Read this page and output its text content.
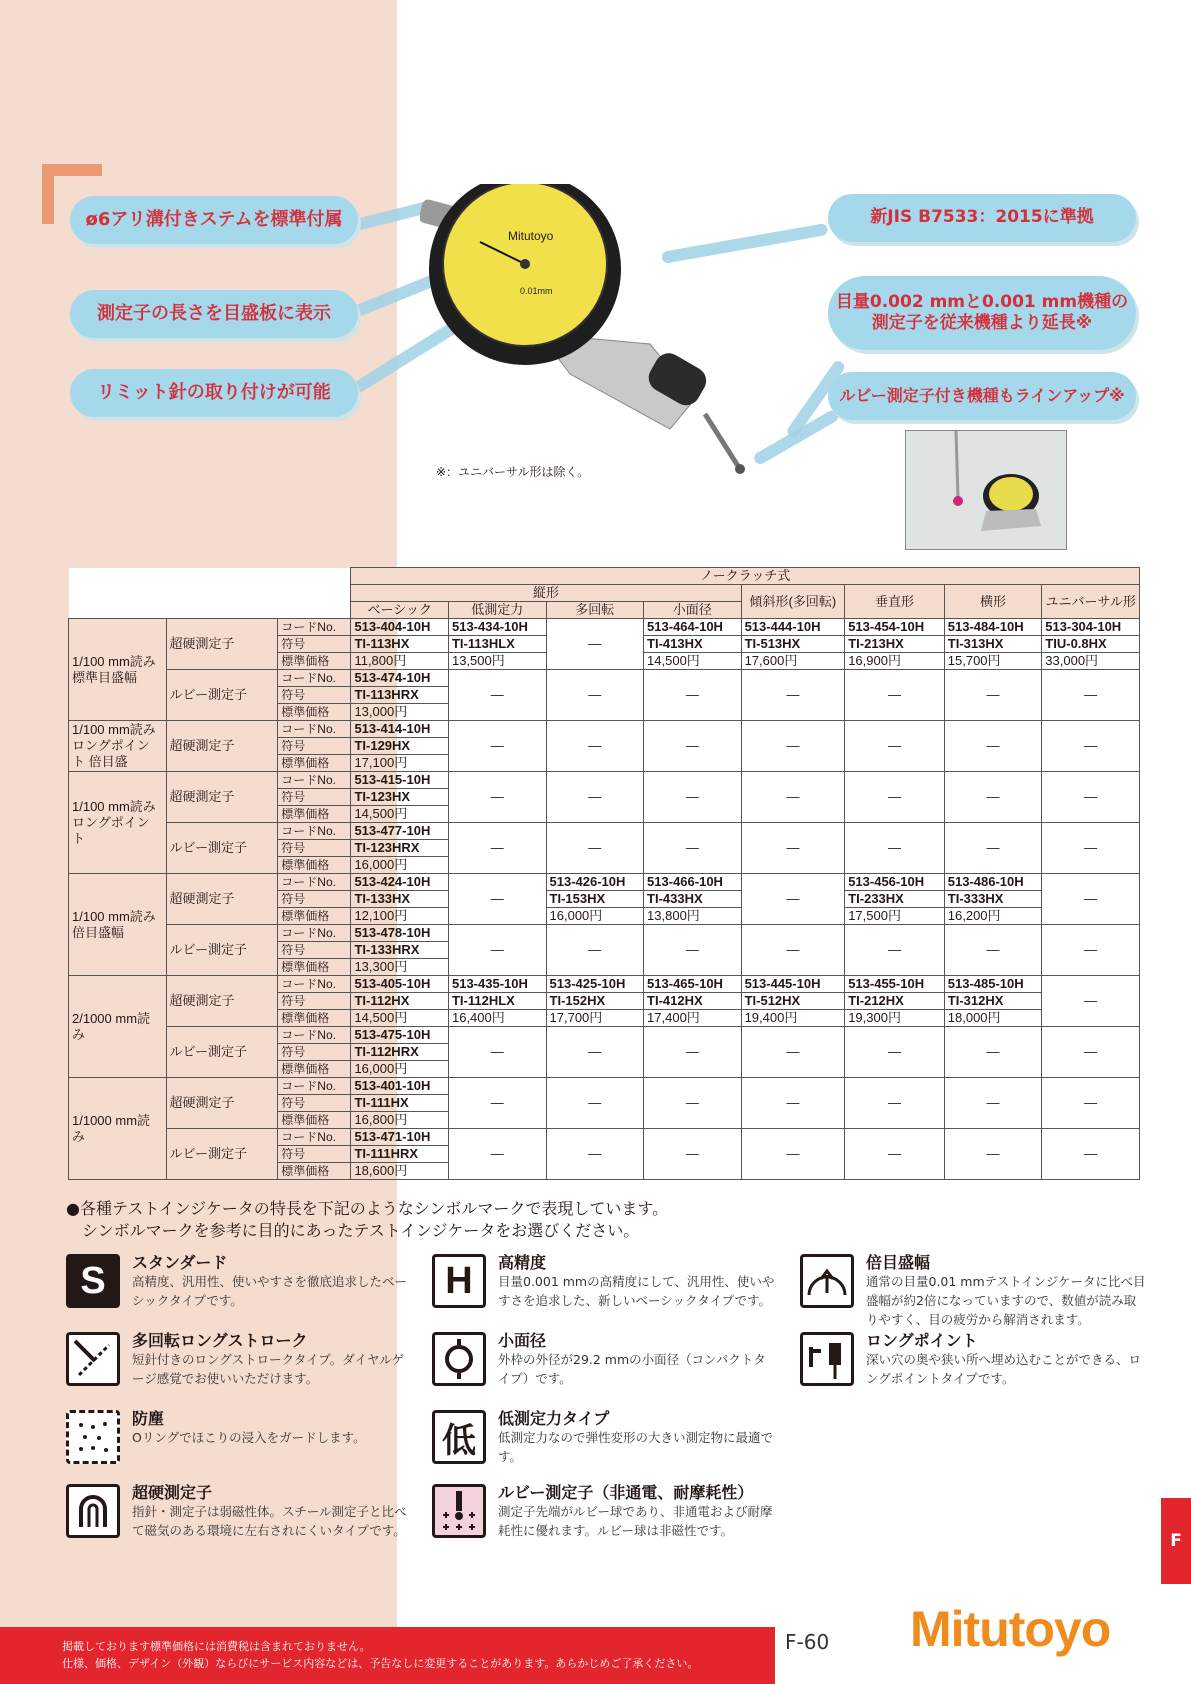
ø6アリ溝付きステムを標準付属
測定子の長さを目盛板に表示
リミット針の取り付けが可能
新JIS B7533：2015に準拠
目量0.002 mmと0.001 mm機種の
測定子を従来機種より延長※
ルビー測定子付き機種もラインアップ※
Mitutoyo
0.01mm
※：ユニバーサル形は除く。
			ノークラッチ式							
			縦形				傾斜形(多回転)	垂直形	横形	ユニバーサル形
			ベーシック	低測定力	多回転	小面径				
1/100 mm読み 標準目盛幅	超硬測定子	コードNo.	513-404-10H	513-434-10H	—	513-464-10H	513-444-10H	513-454-10H	513-484-10H	513-304-10H
		符号	TI-113HX	TI-113HLX		TI-413HX	TI-513HX	TI-213HX	TI-313HX	TIU-0.8HX
		標準価格	11,800円	13,500円		14,500円	17,600円	16,900円	15,700円	33,000円
	ルビー測定子	コードNo.	513-474-10H	—	—	—	—	—	—	—
		符号	TI-113HRX							
		標準価格	13,000円							
1/100 mm読み ロングポイント 倍目盛	超硬測定子	コードNo.	513-414-10H	—	—	—	—	—	—	—
		符号	TI-129HX							
		標準価格	17,100円							
1/100 mm読み ロングポイント	超硬測定子	コードNo.	513-415-10H	—	—	—	—	—	—	—
		符号	TI-123HX							
		標準価格	14,500円							
	ルビー測定子	コードNo.	513-477-10H	—	—	—	—	—	—	—
		符号	TI-123HRX							
		標準価格	16,000円							
1/100 mm読み 倍目盛幅	超硬測定子	コードNo.	513-424-10H	—	513-426-10H	513-466-10H	—	513-456-10H	513-486-10H	—
		符号	TI-133HX		TI-153HX	TI-433HX		TI-233HX	TI-333HX	
		標準価格	12,100円		16,000円	13,800円		17,500円	16,200円	
	ルビー測定子	コードNo.	513-478-10H	—	—	—	—	—	—	—
		符号	TI-133HRX							
		標準価格	13,300円							
2/1000 mm読み	超硬測定子	コードNo.	513-405-10H	513-435-10H	513-425-10H	513-465-10H	513-445-10H	513-455-10H	513-485-10H	—
		符号	TI-112HX	TI-112HLX	TI-152HX	TI-412HX	TI-512HX	TI-212HX	TI-312HX	
		標準価格	14,500円	16,400円	17,700円	17,400円	19,400円	19,300円	18,000円	
	ルビー測定子	コードNo.	513-475-10H	—	—	—	—	—	—	—
		符号	TI-112HRX							
		標準価格	16,000円							
1/1000 mm読み	超硬測定子	コードNo.	513-401-10H	—	—	—	—	—	—	—
		符号	TI-111HX							
		標準価格	16,800円							
	ルビー測定子	コードNo.	513-471-10H	—	—	—	—	—	—	—
		符号	TI-111HRX							
		標準価格	18,600円							
●各種テストインジケータの特長を下記のようなシンボルマークで表現しています。
シンボルマークを参考に目的にあったテストインジケータをお選びください。
S スタンダード
高精度、汎用性、使いやすさを徹底追求したベーシックタイプです。	H 高精度
目量0.001 mmの高精度にして、汎用性、使いやすさを追求した、新しいベーシックタイプです。
倍目盛幅
通常の目量0.01 mmテストインジケータに比べ目盛幅が約2倍になっていますので、数値が読み取りやすく、目の疲労から解消されます。
多回転ロングストローク
短針付きのロングストロークタイプ。ダイヤルゲージ感覚でお使いいただけます。
小面径
外枠の外径が29.2 mmの小面径（コンパクトタイプ）です。
ロングポイント
深い穴の奥や狭い所へ埋め込むことができる、ロングポイントタイプです。
防塵
Oリングでほこりの浸入をガードします。	低
低測定力タイプ
低測定力なので弾性変形の大きい測定物に最適です。
超硬測定子
指針・測定子は弱磁性体。スチール測定子と比べて磁気のある環境に左右されにくいタイプです。
ルビー測定子（非通電、耐摩耗性）
測定子先端がルビー球であり、非通電および耐摩耗性に優れます。ルビー球は非磁性です。
F
掲載しております標準価格には消費税は含まれておりません。
仕様、価格、デザイン（外観）ならびにサービス内容などは、予告なしに変更することがあります。あらかじめご了承ください。
F-60 Mitutoyo
